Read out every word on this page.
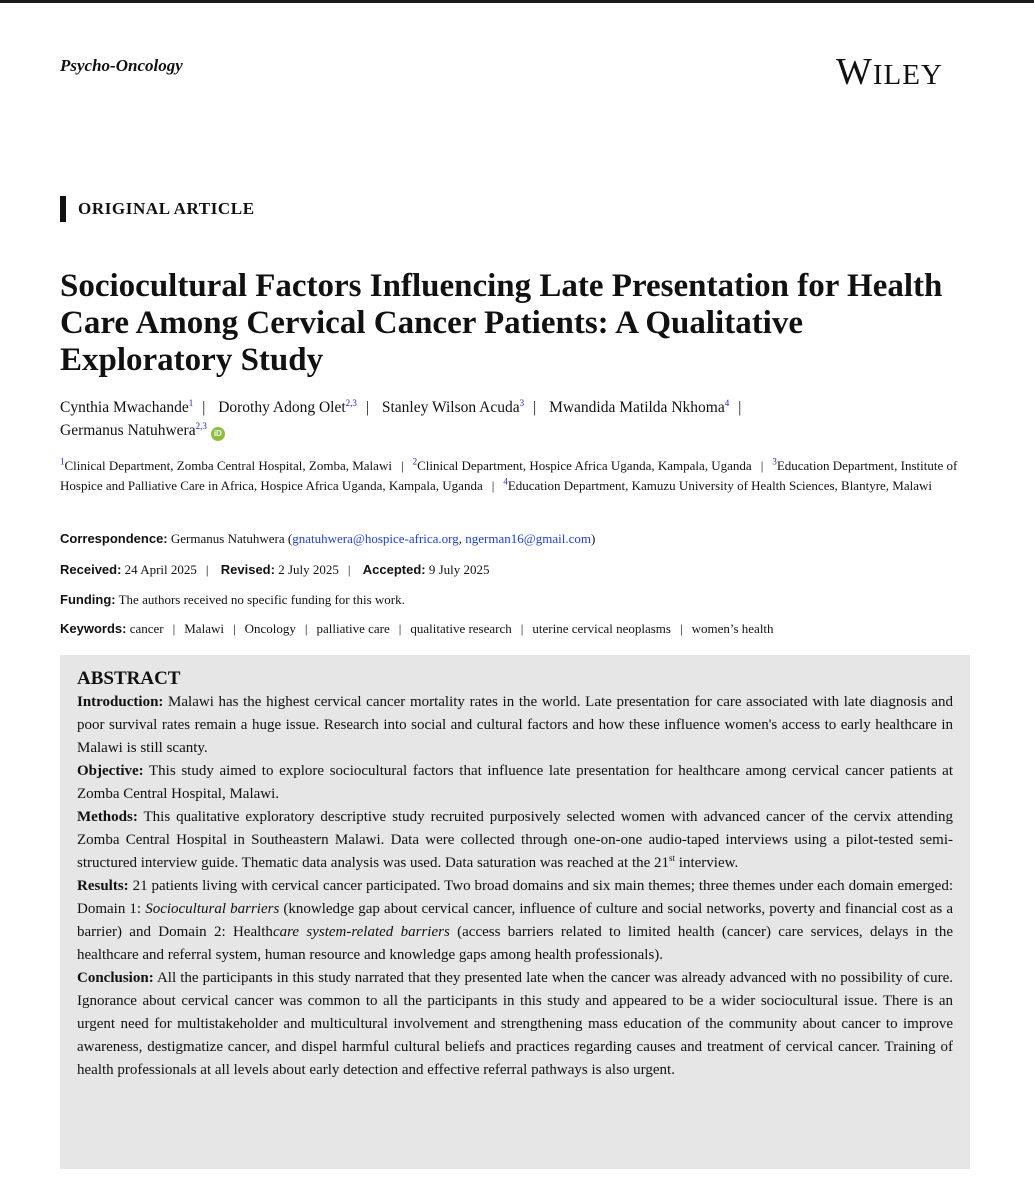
Psycho-Oncology	WILEY
ORIGINAL ARTICLE
Sociocultural Factors Influencing Late Presentation for Health Care Among Cervical Cancer Patients: A Qualitative Exploratory Study
Cynthia Mwachande$^1$ | Dorothy Adong Olet$^{2,3}$ | Stanley Wilson Acuda$^3$ | Mwandida Matilda Nkhoma$^4$ |
Germanus Natuhwera$^{2,3}$iD
$^1$Clinical Department, Zomba Central Hospital, Zomba, Malawi | $^2$Clinical Department, Hospice Africa Uganda, Kampala, Uganda | $^3$Education Department, Institute of Hospice and Palliative Care in Africa, Hospice Africa Uganda, Kampala, Uganda | $^4$Education Department, Kamuzu University of Health Sciences, Blantyre, Malawi
Correspondence: Germanus Natuhwera (gnatuhwera@hospice-africa.org, ngerman16@gmail.com)
Received: 24 April 2025 | Revised: 2 July 2025 | Accepted: 9 July 2025
Funding: The authors received no specific funding for this work.
Keywords: cancer | Malawi | Oncology | palliative care | qualitative research | uterine cervical neoplasms | women’s health
ABSTRACT

Introduction: Malawi has the highest cervical cancer mortality rates in the world. Late presentation for care associated with late diagnosis and poor survival rates remain a huge issue. Research into social and cultural factors and how these influence women's access to early healthcare in Malawi is still scanty.

Objective: This study aimed to explore sociocultural factors that influence late presentation for healthcare among cervical cancer patients at Zomba Central Hospital, Malawi.

Methods: This qualitative exploratory descriptive study recruited purposively selected women with advanced cancer of the cervix attending Zomba Central Hospital in Southeastern Malawi. Data were collected through one-on-one audio-taped interviews using a pilot-tested semi-structured interview guide. Thematic data analysis was used. Data saturation was reached at the 21st interview.

Results: 21 patients living with cervical cancer participated. Two broad domains and six main themes; three themes under each domain emerged: Domain 1: Sociocultural barriers (knowledge gap about cervical cancer, influence of culture and social networks, poverty and financial cost as a barrier) and Domain 2: Healthcare system-related barriers (access barriers related to limited health (cancer) care services, delays in the healthcare and referral system, human resource and knowledge gaps among health professionals).

Conclusion: All the participants in this study narrated that they presented late when the cancer was already advanced with no possibility of cure. Ignorance about cervical cancer was common to all the participants in this study and appeared to be a wider sociocultural issue. There is an urgent need for multistakeholder and multicultural involvement and strengthening mass education of the community about cancer to improve awareness, destigmatize cancer, and dispel harmful cultural beliefs and practices regarding causes and treatment of cervical cancer. Training of health professionals at all levels about early detection and effective referral pathways is also urgent.
